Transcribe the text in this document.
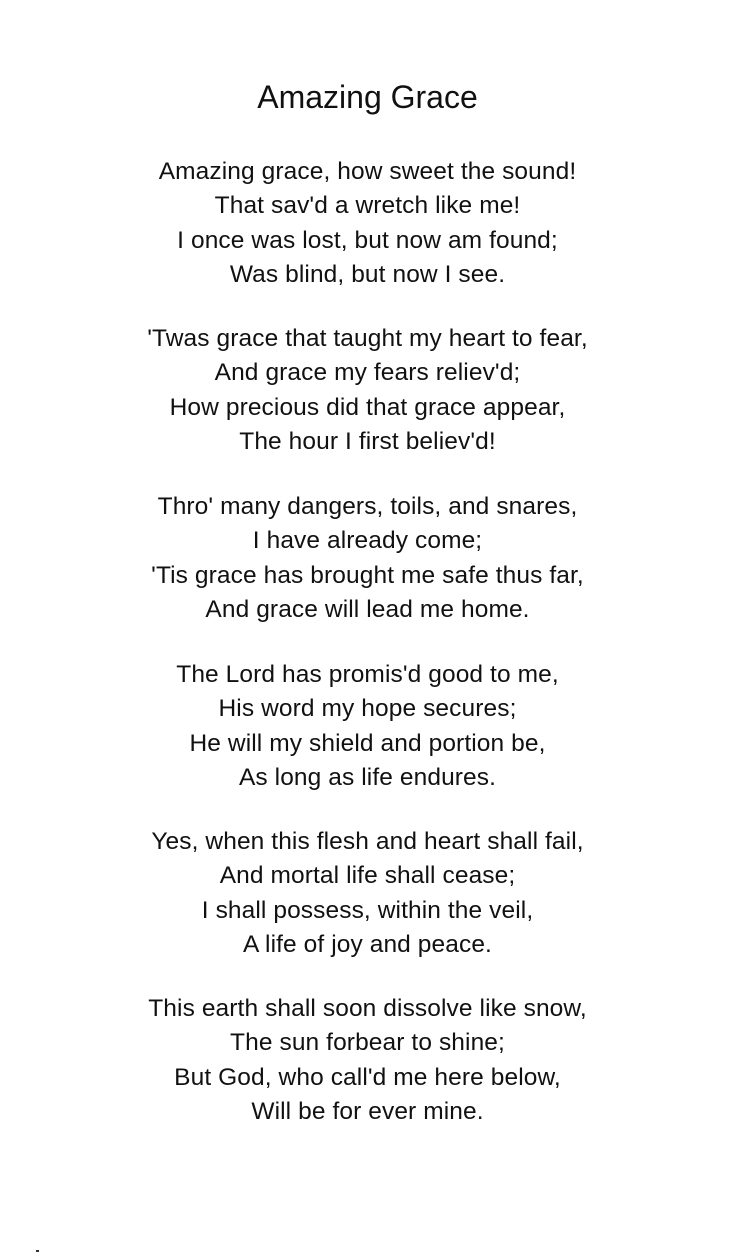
Amazing Grace
Amazing grace, how sweet the sound!
That sav'd a wretch like me!
I once was lost, but now am found;
Was blind, but now I see.
'Twas grace that taught my heart to fear,
And grace my fears reliev'd;
How precious did that grace appear,
The hour I first believ'd!
Thro' many dangers, toils, and snares,
I have already come;
'Tis grace has brought me safe thus far,
And grace will lead me home.
The Lord has promis'd good to me,
His word my hope secures;
He will my shield and portion be,
As long as life endures.
Yes, when this flesh and heart shall fail,
And mortal life shall cease;
I shall possess, within the veil,
A life of joy and peace.
This earth shall soon dissolve like snow,
The sun forbear to shine;
But God, who call'd me here below,
Will be for ever mine.
